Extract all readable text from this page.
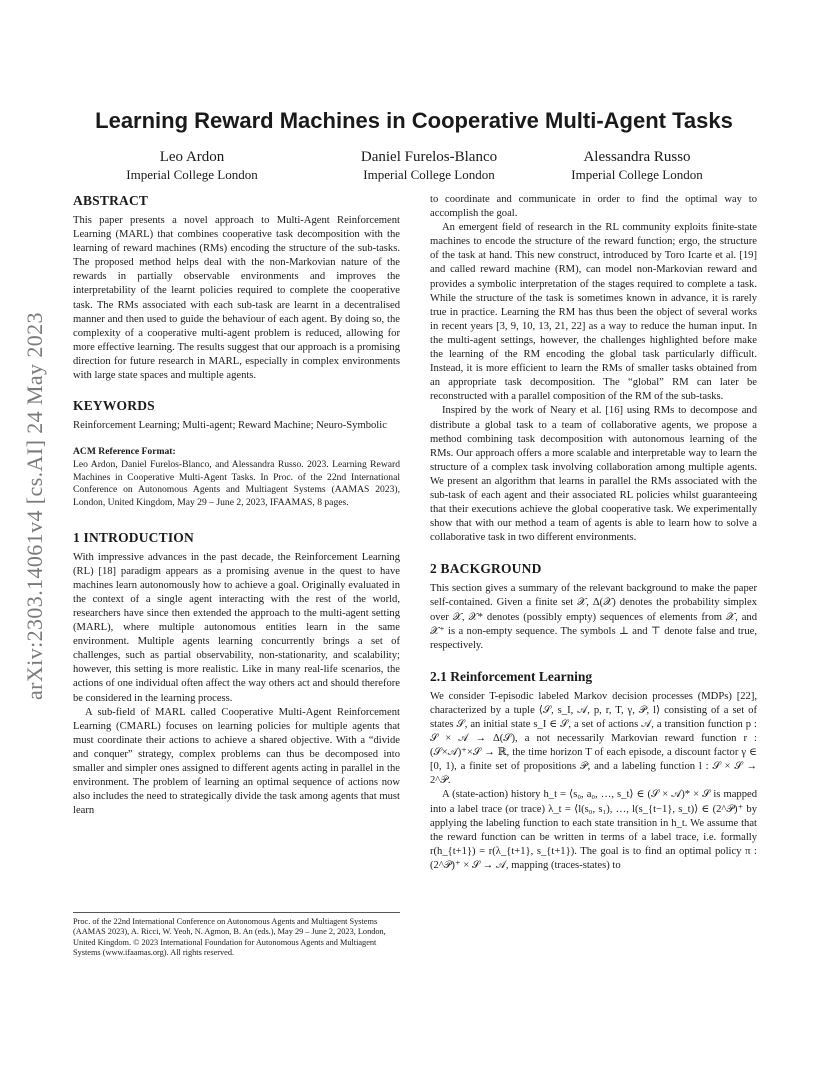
arXiv:2303.14061v4 [cs.AI] 24 May 2023
Learning Reward Machines in Cooperative Multi-Agent Tasks
Leo Ardon
Imperial College London
Daniel Furelos-Blanco
Imperial College London
Alessandra Russo
Imperial College London
ABSTRACT

This paper presents a novel approach to Multi-Agent Reinforcement Learning (MARL) that combines cooperative task decomposition with the learning of reward machines (RMs) encoding the structure of the sub-tasks. The proposed method helps deal with the non-Markovian nature of the rewards in partially observable environments and improves the interpretability of the learnt policies required to complete the cooperative task. The RMs associated with each sub-task are learnt in a decentralised manner and then used to guide the behaviour of each agent. By doing so, the complexity of a cooperative multi-agent problem is reduced, allowing for more effective learning. The results suggest that our approach is a promising direction for future research in MARL, especially in complex environments with large state spaces and multiple agents.

KEYWORDS

Reinforcement Learning; Multi-agent; Reward Machine; Neuro-Symbolic

ACM Reference Format:

Leo Ardon, Daniel Furelos-Blanco, and Alessandra Russo. 2023. Learning Reward Machines in Cooperative Multi-Agent Tasks. In Proc. of the 22nd International Conference on Autonomous Agents and Multiagent Systems (AAMAS 2023), London, United Kingdom, May 29 – June 2, 2023, IFAAMAS, 8 pages.

1 INTRODUCTION

With impressive advances in the past decade, the Reinforcement Learning (RL) [18] paradigm appears as a promising avenue in the quest to have machines learn autonomously how to achieve a goal. Originally evaluated in the context of a single agent interacting with the rest of the world, researchers have since then extended the approach to the multi-agent setting (MARL), where multiple autonomous entities learn in the same environment. Multiple agents learning concurrently brings a set of challenges, such as partial observability, non-stationarity, and scalability; however, this setting is more realistic. Like in many real-life scenarios, the actions of one individual often affect the way others act and should therefore be considered in the learning process.

A sub-field of MARL called Cooperative Multi-Agent Reinforcement Learning (CMARL) focuses on learning policies for multiple agents that must coordinate their actions to achieve a shared objective. With a “divide and conquer” strategy, complex problems can thus be decomposed into smaller and simpler ones assigned to different agents acting in parallel in the environment. The problem of learning an optimal sequence of actions now also includes the need to strategically divide the task among agents that must learn

to coordinate and communicate in order to find the optimal way to accomplish the goal.

An emergent field of research in the RL community exploits finite-state machines to encode the structure of the reward function; ergo, the structure of the task at hand. This new construct, introduced by Toro Icarte et al. [19] and called reward machine (RM), can model non-Markovian reward and provides a symbolic interpretation of the stages required to complete a task. While the structure of the task is sometimes known in advance, it is rarely true in practice. Learning the RM has thus been the object of several works in recent years [3, 9, 10, 13, 21, 22] as a way to reduce the human input. In the multi-agent settings, however, the challenges highlighted before make the learning of the RM encoding the global task particularly difficult. Instead, it is more efficient to learn the RMs of smaller tasks obtained from an appropriate task decomposition. The “global” RM can later be reconstructed with a parallel composition of the RM of the sub-tasks.

Inspired by the work of Neary et al. [16] using RMs to decompose and distribute a global task to a team of collaborative agents, we propose a method combining task decomposition with autonomous learning of the RMs. Our approach offers a more scalable and interpretable way to learn the structure of a complex task involving collaboration among multiple agents. We present an algorithm that learns in parallel the RMs associated with the sub-task of each agent and their associated RL policies whilst guaranteeing that their executions achieve the global cooperative task. We experimentally show that with our method a team of agents is able to learn how to solve a collaborative task in two different environments.

2 BACKGROUND

This section gives a summary of the relevant background to make the paper self-contained. Given a finite set 𝒳, Δ(𝒳) denotes the probability simplex over 𝒳, 𝒳* denotes (possibly empty) sequences of elements from 𝒳, and 𝒳⁺ is a non-empty sequence. The symbols ⊥ and ⊤ denote false and true, respectively.

2.1 Reinforcement Learning

We consider T-episodic labeled Markov decision processes (MDPs) [22], characterized by a tuple ⟨𝒮, s_I, 𝒜, p, r, T, γ, 𝒫, l⟩ consisting of a set of states 𝒮, an initial state s_I ∈ 𝒮, a set of actions 𝒜, a transition function p : 𝒮 × 𝒜 → Δ(𝒮), a not necessarily Markovian reward function r : (𝒮×𝒜)⁺×𝒮 → ℝ, the time horizon T of each episode, a discount factor γ ∈ [0, 1), a finite set of propositions 𝒫, and a labeling function l : 𝒮 × 𝒮 → 2^𝒫.

A (state-action) history h_t = ⟨s₀, a₀, …, s_t⟩ ∈ (𝒮 × 𝒜)* × 𝒮 is mapped into a label trace (or trace) λ_t = ⟨l(s₀, s₁), …, l(s_{t−1}, s_t)⟩ ∈ (2^𝒫)⁺ by applying the labeling function to each state transition in h_t. We assume that the reward function can be written in terms of a label trace, i.e. formally r(h_{t+1}) = r(λ_{t+1}, s_{t+1}). The goal is to find an optimal policy π : (2^𝒫)⁺ × 𝒮 → 𝒜, mapping (traces-states) to

Proc. of the 22nd International Conference on Autonomous Agents and Multiagent Systems (AAMAS 2023), A. Ricci, W. Yeoh, N. Agmon, B. An (eds.), May 29 – June 2, 2023, London, United Kingdom. © 2023 International Foundation for Autonomous Agents and Multiagent Systems (www.ifaamas.org). All rights reserved.
